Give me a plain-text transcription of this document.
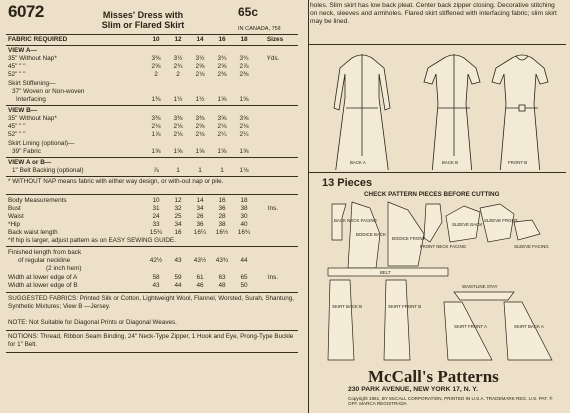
6072	Misses' Dress with
Slim or Flared Skirt
65c
IN CANADA, 75¢
FABRIC REQUIRED	10	12	14	16	18	Sizes
VIEW A—
35" Without Nap*	3⅜	3½	3½	3¾	3¾	Yds.
45" " "	2⅝	2¾	2⅝	2⅝	2⅞
52" " "	2	2	2⅛	2⅜	2⅜
Skirt Stiffening—
37" Woven or Non-woven
Interfacing	1⅜	1½	1½	1⅝	1⅝
VIEW B—
35" Without Nap*	3⅜	3⅜	3⅜	3⅝	3⅝
45" " "	2⅛	2⅛	2⅝	2⅛	2⅛
52" " "	1⅞	2⅛	2⅛	2¼	2¼
Skirt Lining (optional)—
39" Fabric	1⅝	1⅝	1⅝	1⅝	1⅝
VIEW A or B—
1" Belt Backing (optional)	⅞	1	1	1	1⅛
* WITHOUT NAP means fabric with either way design, or with-out nap or pile.
Body Measurements	10	12	14	16	18
Bust	31	32	34	36	38	Ins.
Waist	24	25	26	28	30
*Hip	33	34	36	38	40
Back waist length	15¾	16	16¼	16½	16¾
*If hip is larger, adjust pattern as on EASY SEWING GUIDE.
Finished length from back
of regular neckline	42½	43	43½	43¾	44
(2 inch hem)
Width at lower edge of A	58	59	61	63	65	Ins.
Width at lower edge of B	43	44	46	48	50
SUGGESTED FABRICS: Printed Silk or Cotton, Lightweight Wool, Flannel, Worsted, Surah, Shantung, Synthetic Mixtures; View B —Jersey.
NOTE: Not Suitable for Diagonal Prints or Diagonal Weaves.
NOTIONS: Thread, Ribbon Seam Binding, 24" Neck-Type Zipper, 1 Hook and Eye, Prong-Type Buckle for 1" Belt.
holes. Slim skirt has low back pleat. Center back zipper closing. Decorative stitching on neck, sleeves and armholes. Flared skirt stiffened with interfacing fabric; slim skirt may be lined.
BACK A	BACK B	FRONT B
13 Pieces
CHECK PATTERN PIECES BEFORE CUTTING
BACK NECK FACING
BODICE BACK
BODICE FRONT
FRONT NECK FACING
SLEEVE BACK
SLEEVE FRONT
SLEEVE FACING
BELT
WAISTLINE STAY
SKIRT BACK B	SKIRT FRONT B
SKIRT FRONT A	SKIRT BACK A
McCall's Patterns
230 PARK AVENUE, NEW YORK 17, N. Y.
Copyright 1961, BY McCALL CORPORATION, PRINTED IN U.S.A. TRADEMARK REG. U.S. PAT. ® OFF. MARCA REGISTRADA
